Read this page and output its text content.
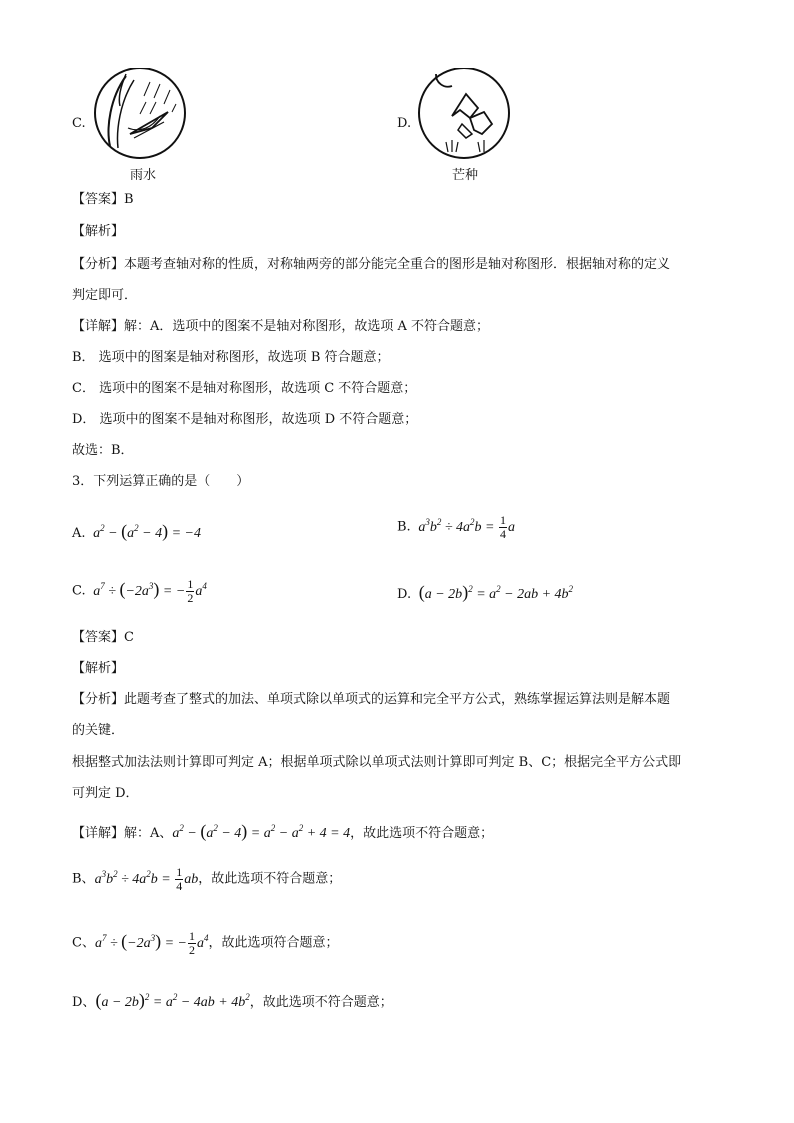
C.
雨水
D.
芒种
【答案】B
【解析】
【分析】本题考查轴对称的性质，对称轴两旁的部分能完全重合的图形是轴对称图形．根据轴对称的定义
判定即可．
【详解】解：A．选项中的图案不是轴对称图形，故选项 A 不符合题意；
B． 选项中的图案是轴对称图形，故选项 B 符合题意；
C． 选项中的图案不是轴对称图形，故选项 C 不符合题意；
D． 选项中的图案不是轴对称图形，故选项 D 不符合题意；
故选：B．
3．下列运算正确的是（　　）
A.  $a^2 - (a^2 - 4) = -4$	B.  $a^3b^2 \div 4a^2b = \frac{1}{4}$ a
C.  $a^7 \div (-2a^3)$ = − $\frac{1}{2} a^4$
D. $(a - 2b)^2 = a^2 - 2ab + 4b^2$
【答案】C
【解析】
【分析】此题考查了整式的加法、单项式除以单项式的运算和完全平方公式，熟练掌握运算法则是解本题
的关键．
根据整式加法法则计算即可判定 A；根据单项式除以单项式法则计算即可判定 B、C；根据完全平方公式即
可判定 D．
【详解】解：A、$a^2 - (a^2 - 4) = a^2 - a^2 + 4 = 4$，故此选项不符合题意；
B、$a^3b^2 \div 4a^2b = \frac{1}{4}$ ab，故此选项不符合题意；
C、$a^7 \div (-2a^3)$ = − $\frac{1}{2} a^4$，故此选项符合题意；
D、$(a - 2b)^2 = a^2 - 4ab + 4b^2$，故此选项不符合题意；
